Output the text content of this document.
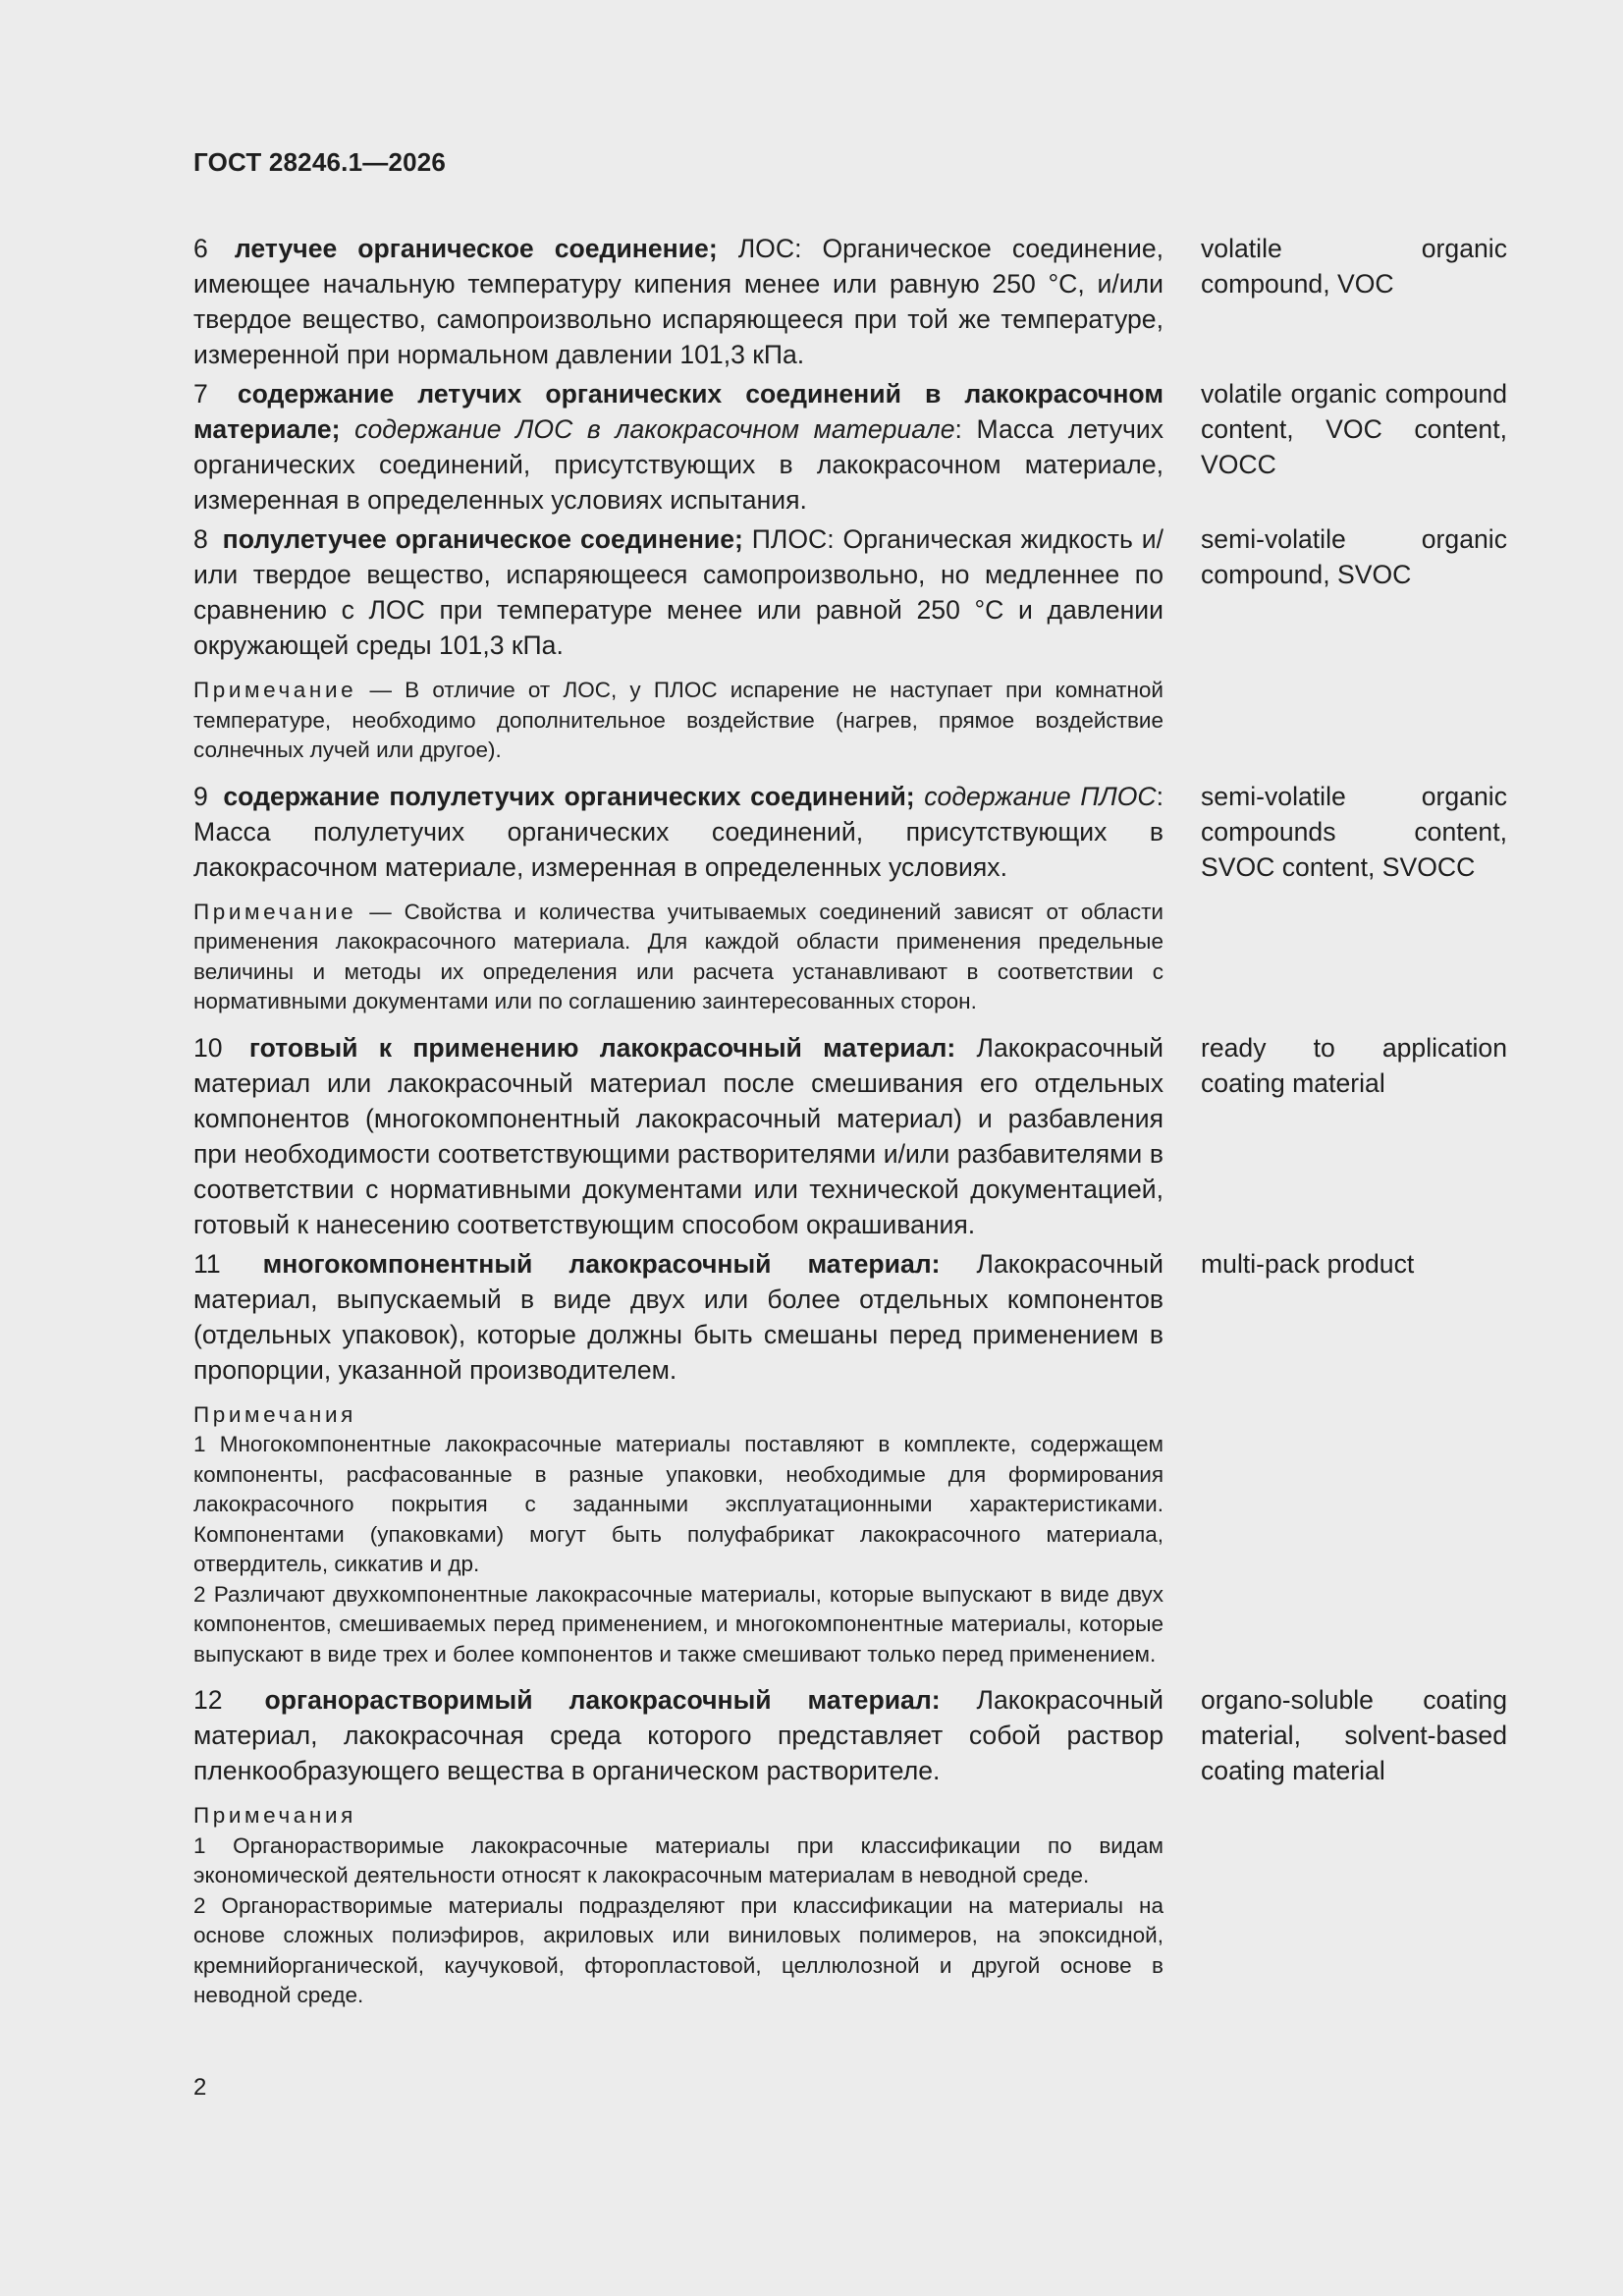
ГОСТ 28246.1—2026
6 летучее органическое соединение; ЛОС: Органическое соединение, имеющее начальную температуру кипения менее или равную 250 °C, и/или твердое вещество, самопроизвольно испаряющееся при той же температуре, измеренной при нормальном давлении 101,3 кПа.
volatile organic compound, VOC
7 содержание летучих органических соединений в лакокрасочном материале; содержание ЛОС в лакокрасочном материале: Масса летучих органических соединений, присутствующих в лакокрасочном материале, измеренная в определенных условиях испытания.
volatile organic compound content, VOC content, VOCC
8 полулетучее органическое соединение; ПЛОС: Органическая жидкость и/или твердое вещество, испаряющееся самопроизвольно, но медленнее по сравнению с ЛОС при температуре менее или равной 250 °C и давлении окружающей среды 101,3 кПа.
semi-volatile organic compound, SVOC

Примечание — В отличие от ЛОС, у ПЛОС испарение не наступает при комнатной температуре, необходимо дополнительное воздействие (нагрев, прямое воздействие солнечных лучей или другое).

9 содержание полулетучих органических соединений; содержание ПЛОС: Масса полулетучих органических соединений, присутствующих в лакокрасочном материале, измеренная в определенных условиях.
semi-volatile organic compounds content, SVOC content, SVOCC

Примечание — Свойства и количества учитываемых соединений зависят от области применения лакокрасочного материала. Для каждой области применения предельные величины и методы их определения или расчета устанавливают в соответствии с нормативными документами или по соглашению заинтересованных сторон.

10 готовый к применению лакокрасочный материал: Лакокрасочный материал или лакокрасочный материал после смешивания его отдельных компонентов (многокомпонентный лакокрасочный материал) и разбавления при необходимости соответствующими растворителями и/или разбавителями в соответствии с нормативными документами или технической документацией, готовый к нанесению соответствующим способом окрашивания.
ready to application coating material
11 многокомпонентный лакокрасочный материал: Лакокрасочный материал, выпускаемый в виде двух или более отдельных компонентов (отдельных упаковок), которые должны быть смешаны перед применением в пропорции, указанной производителем.
multi-pack product

Примечания

1 Многокомпонентные лакокрасочные материалы поставляют в комплекте, содержащем компоненты, расфасованные в разные упаковки, необходимые для формирования лакокрасочного покрытия с заданными эксплуатационными характеристиками. Компонентами (упаковками) могут быть полуфабрикат лакокрасочного материала, отвердитель, сиккатив и др.

2 Различают двухкомпонентные лакокрасочные материалы, которые выпускают в виде двух компонентов, смешиваемых перед применением, и многокомпонентные материалы, которые выпускают в виде трех и более компонентов и также смешивают только перед применением.

12 органорастворимый лакокрасочный материал: Лакокрасочный материал, лакокрасочная среда которого представляет собой раствор пленкообразующего вещества в органическом растворителе.
organo-soluble coating material, solvent-based coating material

Примечания

1 Органорастворимые лакокрасочные материалы при классификации по видам экономической деятельности относят к лакокрасочным материалам в неводной среде.

2 Органорастворимые материалы подразделяют при классификации на материалы на основе сложных полиэфиров, акриловых или виниловых полимеров, на эпоксидной, кремнийорганической, каучуковой, фторопластовой, целлюлозной и другой основе в неводной среде.

2
